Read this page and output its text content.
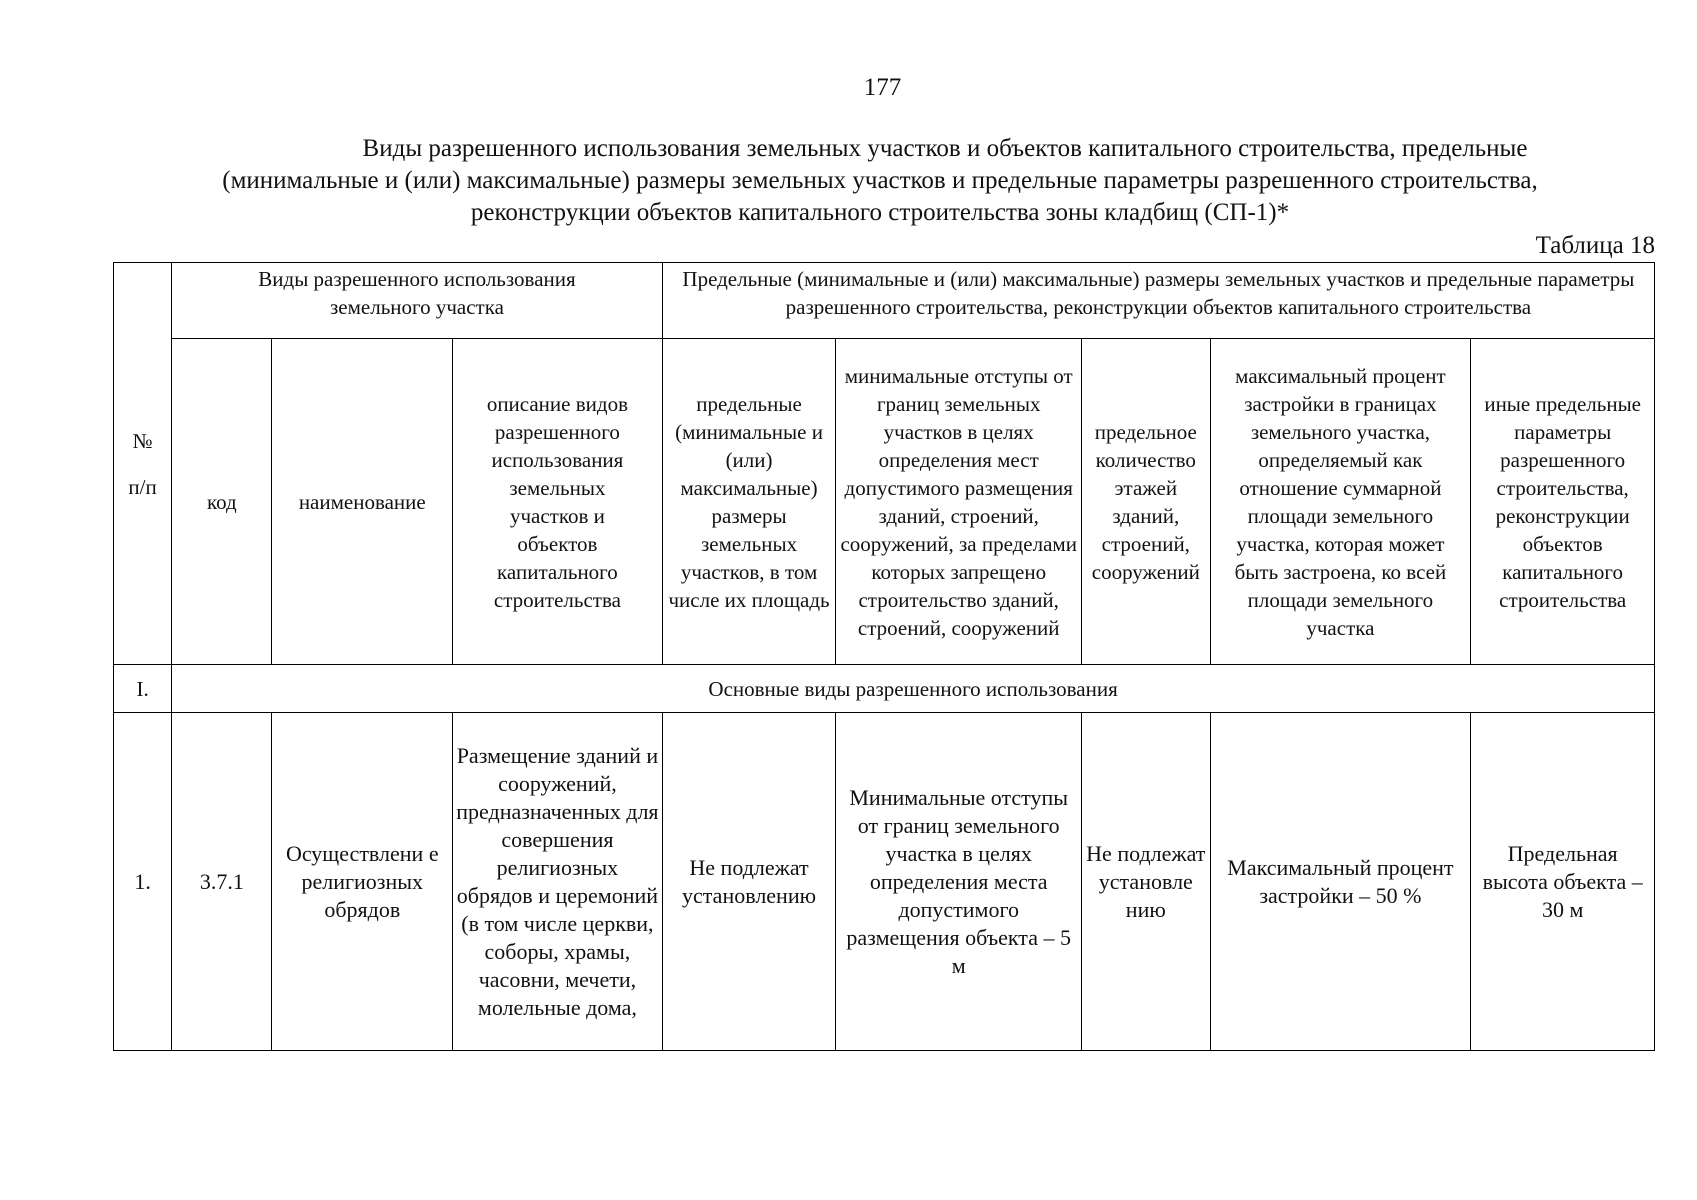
177
Виды разрешенного использования земельных участков и объектов капитального строительства, предельные
(минимальные и (или) максимальные) размеры земельных участков и предельные параметры разрешенного строительства,
реконструкции объектов капитального строительства зоны кладбищ (СП-1)*
Таблица 18
№
п/п	Виды разрешенного использования земельного участка			Предельные (минимальные и (или) максимальные) размеры земельных участков и предельные параметры разрешенного строительства, реконструкции объектов капитального строительства				

	код	наименование	описание видов разрешенного использования земельных участков и объектов капитального строительства	предельные (минимальные и (или) максимальные) размеры земельных участков, в том числе их площадь	минимальные отступы от границ земельных участков в целях определения мест допустимого размещения зданий, строений, сооружений, за пределами которых запрещено строительство зданий, строений, сооружений	предельное количество этажей зданий, строений, сооружений	максимальный процент застройки в границах земельного участка, определяемый как отношение суммарной площади земельного участка, которая может быть застроена, ко всей площади земельного участка	иные предельные параметры разрешенного строительства, реконструкции объектов капитального строительства
I.	Основные виды разрешенного использования							
1.	3.7.1	Осуществлени е религиозных обрядов	Размещение зданий и сооружений, предназначенных для совершения религиозных обрядов и церемоний (в том числе церкви, соборы, храмы, часовни, мечети, молельные дома,	Не подлежат установлению	Минимальные отступы от границ земельного участка в целях определения места допустимого размещения объекта – 5 м	Не подлежат установле нию	Максимальный процент застройки – 50 %	Предельная высота объекта – 30 м
